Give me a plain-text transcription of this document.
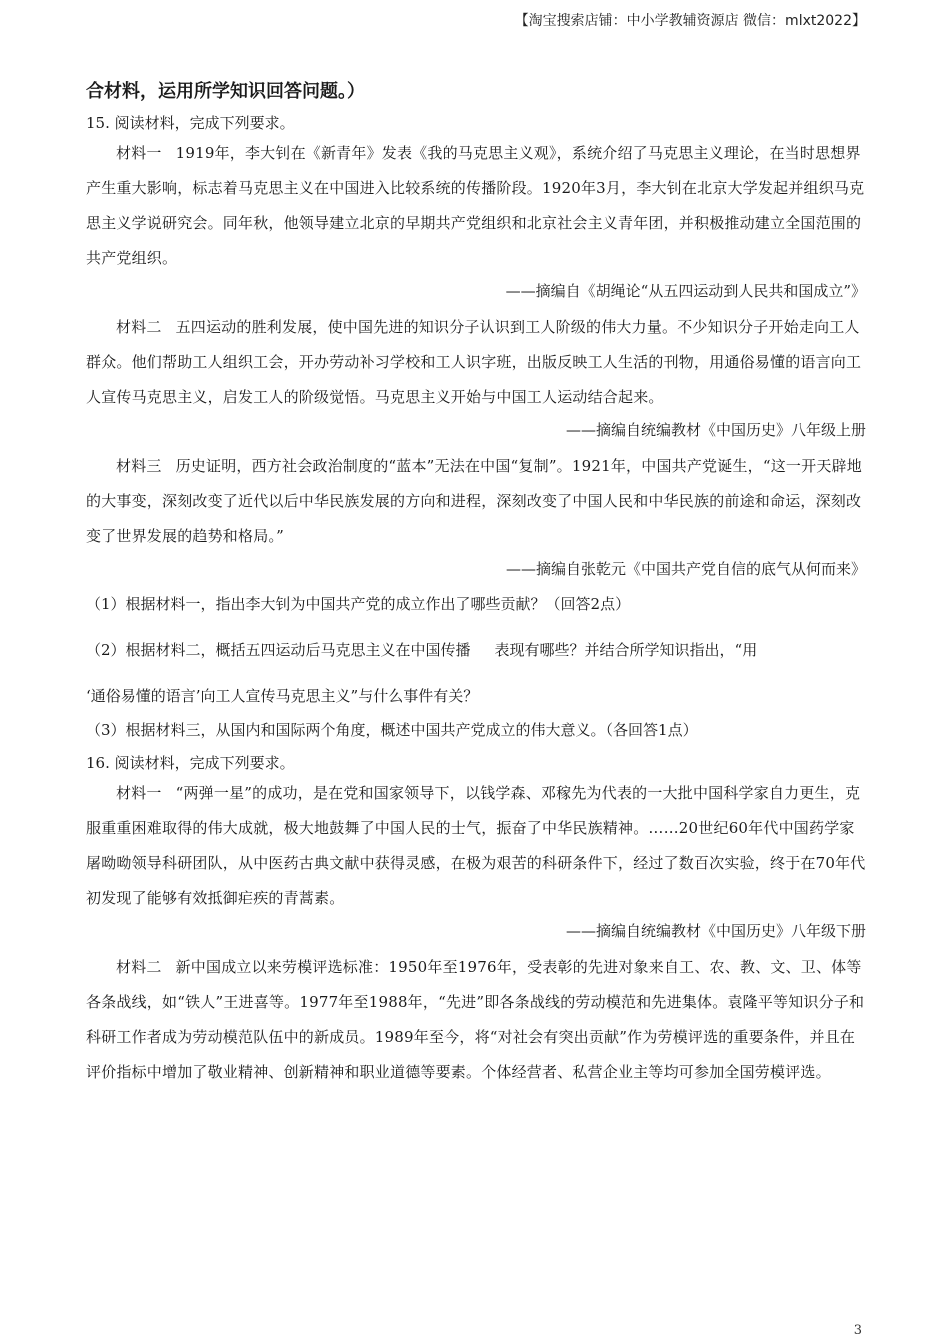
【淘宝搜索店铺：中小学教辅资源店 微信：mlxt2022】

合材料，运用所学知识回答问题。）

15. 阅读材料，完成下列要求。

材料一 1919年，李大钊在《新青年》发表《我的马克思主义观》，系统介绍了马克思主义理论，在当时思想界产生重大影响，标志着马克思主义在中国进入比较系统的传播阶段。1920年3月，李大钊在北京大学发起并组织马克思主义学说研究会。同年秋，他领导建立北京的早期共产党组织和北京社会主义青年团，并积极推动建立全国范围的共产党组织。

——摘编自《胡绳论“从五四运动到人民共和国成立”》

材料二 五四运动的胜利发展，使中国先进的知识分子认识到工人阶级的伟大力量。不少知识分子开始走向工人群众。他们帮助工人组织工会，开办劳动补习学校和工人识字班，出版反映工人生活的刊物，用通俗易懂的语言向工人宣传马克思主义，启发工人的阶级觉悟。马克思主义开始与中国工人运动结合起来。

——摘编自统编教材《中国历史》八年级上册

材料三 历史证明，西方社会政治制度的“蓝本”无法在中国“复制”。1921年，中国共产党诞生，“这一开天辟地的大事变，深刻改变了近代以后中华民族发展的方向和进程，深刻改变了中国人民和中华民族的前途和命运，深刻改变了世界发展的趋势和格局。”

——摘编自张乾元《中国共产党自信的底气从何而来》

（1）根据材料一，指出李大钊为中国共产党的成立作出了哪些贡献？（回答2点）

（2）根据材料二，概括五四运动后马克思主义在中国传播 表现有哪些？并结合所学知识指出，“用

‘通俗易懂的语言’向工人宣传马克思主义”与什么事件有关？

（3）根据材料三，从国内和国际两个角度，概述中国共产党成立的伟大意义。（各回答1点）

16. 阅读材料，完成下列要求。

材料一 “两弹一星”的成功，是在党和国家领导下，以钱学森、邓稼先为代表的一大批中国科学家自力更生，克服重重困难取得的伟大成就，极大地鼓舞了中国人民的士气，振奋了中华民族精神。……20世纪60年代中国药学家屠呦呦领导科研团队，从中医药古典文献中获得灵感，在极为艰苦的科研条件下，经过了数百次实验，终于在70年代初发现了能够有效抵御疟疾的青蒿素。

——摘编自统编教材《中国历史》八年级下册

材料二 新中国成立以来劳模评选标准：1950年至1976年，受表彰的先进对象来自工、农、教、文、卫、体等各条战线，如“铁人”王进喜等。1977年至1988年，“先进”即各条战线的劳动模范和先进集体。袁隆平等知识分子和科研工作者成为劳动模范队伍中的新成员。1989年至今，将“对社会有突出贡献”作为劳模评选的重要条件，并且在评价指标中增加了敬业精神、创新精神和职业道德等要素。个体经营者、私营企业主等均可参加全国劳模评选。

3
